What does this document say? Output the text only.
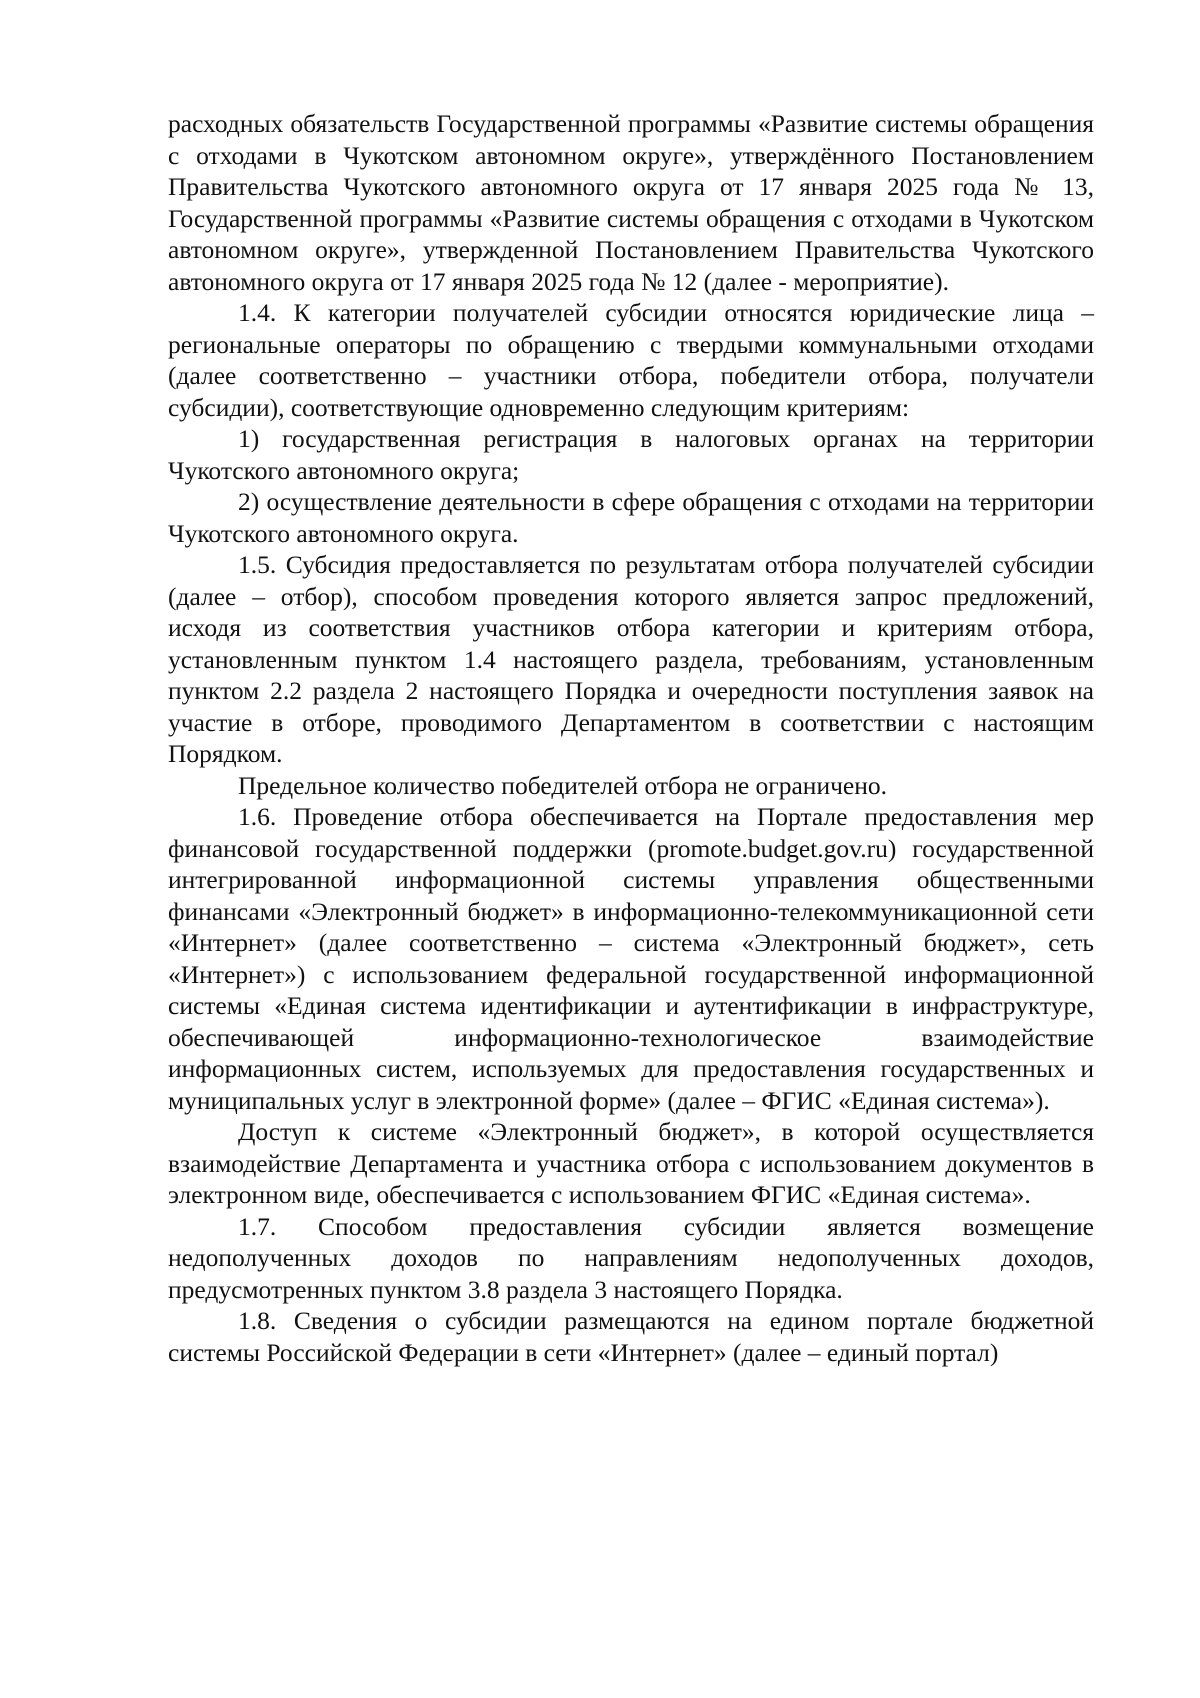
расходных обязательств Государственной программы «Развитие системы обращения с отходами в Чукотском автономном округе», утверждённого Постановлением Правительства Чукотского автономного округа от 17 января 2025 года № 13, Государственной программы «Развитие системы обращения с отходами в Чукотском автономном округе», утвержденной Постановлением Правительства Чукотского автономного округа от 17 января 2025 года № 12 (далее - мероприятие).

1.4. К категории получателей субсидии относятся юридические лица – региональные операторы по обращению с твердыми коммунальными отходами (далее соответственно – участники отбора, победители отбора, получатели субсидии), соответствующие одновременно следующим критериям:

1) государственная регистрация в налоговых органах на территории Чукотского автономного округа;

2) осуществление деятельности в сфере обращения с отходами на территории Чукотского автономного округа.

1.5. Субсидия предоставляется по результатам отбора получателей субсидии (далее – отбор), способом проведения которого является запрос предложений, исходя из соответствия участников отбора категории и критериям отбора, установленным пунктом 1.4 настоящего раздела, требованиям, установленным пунктом 2.2 раздела 2 настоящего Порядка и очередности поступления заявок на участие в отборе, проводимого Департаментом в соответствии с настоящим Порядком.

Предельное количество победителей отбора не ограничено.

1.6. Проведение отбора обеспечивается на Портале предоставления мер финансовой государственной поддержки (promote.budget.gov.ru) государственной интегрированной информационной системы управления общественными финансами «Электронный бюджет» в информационно-телекоммуникационной сети «Интернет» (далее соответственно – система «Электронный бюджет», сеть «Интернет») с использованием федеральной государственной информационной системы «Единая система идентификации и аутентификации в инфраструктуре, обеспечивающей информационно-технологическое взаимодействие информационных систем, используемых для предоставления государственных и муниципальных услуг в электронной форме» (далее – ФГИС «Единая система»).

Доступ к системе «Электронный бюджет», в которой осуществляется взаимодействие Департамента и участника отбора с использованием документов в электронном виде, обеспечивается с использованием ФГИС «Единая система».

1.7. Способом предоставления субсидии является возмещение недополученных доходов по направлениям недополученных доходов, предусмотренных пунктом 3.8 раздела 3 настоящего Порядка.

1.8. Сведения о субсидии размещаются на едином портале бюджетной системы Российской Федерации в сети «Интернет» (далее – единый портал)
